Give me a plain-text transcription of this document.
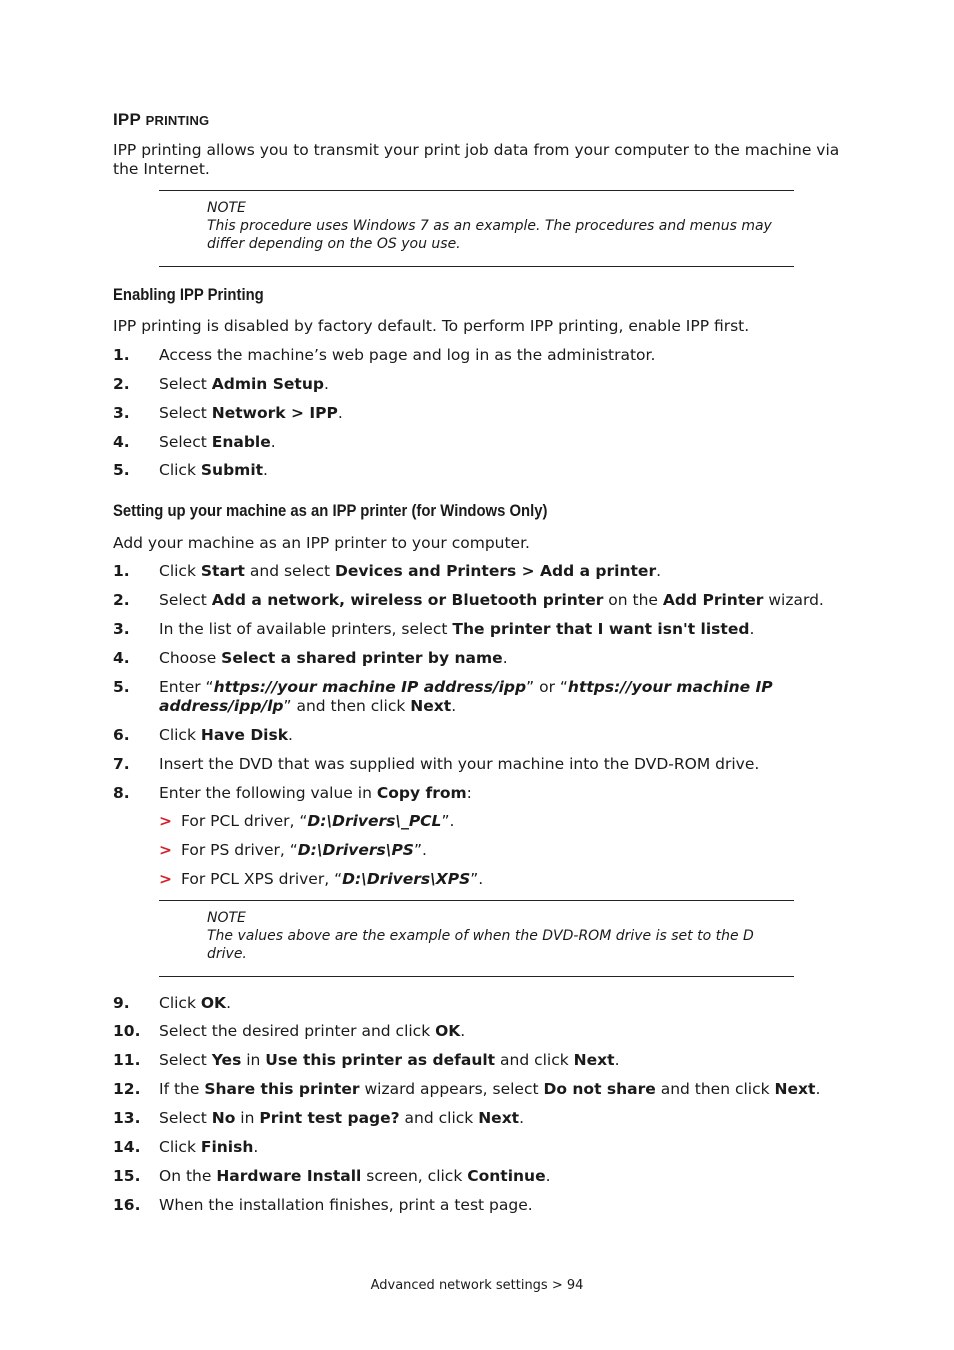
IPP PRINTING
IPP printing allows you to transmit your print job data from your computer to the machine via the Internet.
NOTE
This procedure uses Windows 7 as an example. The procedures and menus may differ depending on the OS you use.
Enabling IPP Printing
IPP printing is disabled by factory default. To perform IPP printing, enable IPP first.
1. Access the machine’s web page and log in as the administrator.
2. Select Admin Setup.
3. Select Network > IPP.
4. Select Enable.
5. Click Submit.
Setting up your machine as an IPP printer (for Windows Only)
Add your machine as an IPP printer to your computer.
1. Click Start and select Devices and Printers > Add a printer.
2. Select Add a network, wireless or Bluetooth printer on the Add Printer wizard.
3. In the list of available printers, select The printer that I want isn't listed.
4. Choose Select a shared printer by name.
5. Enter “https://your machine IP address/ipp” or “https://your machine IP address/ipp/lp” and then click Next.
6. Click Have Disk.
7. Insert the DVD that was supplied with your machine into the DVD-ROM drive.
8. Enter the following value in Copy from:
> For PCL driver, “D:\Drivers\_PCL”.
> For PS driver, “D:\Drivers\PS”.
> For PCL XPS driver, “D:\Drivers\XPS”.
NOTE
The values above are the example of when the DVD-ROM drive is set to the D drive.
9. Click OK.
10. Select the desired printer and click OK.
11. Select Yes in Use this printer as default and click Next.
12. If the Share this printer wizard appears, select Do not share and then click Next.
13. Select No in Print test page? and click Next.
14. Click Finish.
15. On the Hardware Install screen, click Continue.
16. When the installation finishes, print a test page.
Advanced network settings > 94
